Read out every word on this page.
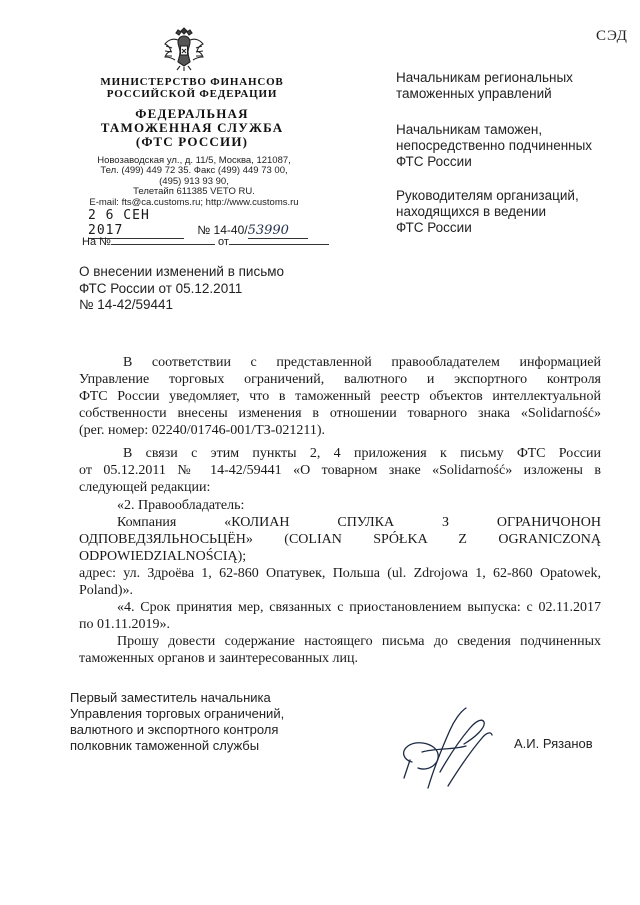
СЭД
МИНИСТЕРСТВО ФИНАНСОВ
РОССИЙСКОЙ ФЕДЕРАЦИИ
ФЕДЕРАЛЬНАЯ
ТАМОЖЕННАЯ СЛУЖБА
(ФТС РОССИИ)
Новозаводская ул., д. 11/5, Москва, 121087,
Тел. (499) 449 72 35. Факс (499) 449 73 00,
(495) 913 93 90,
Телетайп 611385 VETO RU.
E-mail: fts@ca.customs.ru; http://www.customs.ru
2 6 СЕН 2017	№ 14-40/53990
На №	от
Начальникам региональных
таможенных управлений
Начальникам таможен,
непосредственно подчиненных
ФТС России
Руководителям организаций,
находящихся в ведении
ФТС России
О внесении изменений в письмо
ФТС России от 05.12.2011
№ 14-42/59441
В соответствии с представленной правообладателем информацией
Управление торговых ограничений, валютного и экспортного контроля
ФТС России уведомляет, что в таможенный реестр объектов интеллектуальной
собственности внесены изменения в отношении товарного знака «Solidarność»
(рег. номер: 02240/01746-001/ТЗ-021211).
В связи с этим пункты 2, 4 приложения к письму ФТС России
от 05.12.2011 № 14-42/59441 «О товарном знаке «Solidarność» изложены в
следующей редакции:
«2. Правообладатель:
Компания «КОЛИАН СПУЛКА З ОГРАНИЧОНОН
ОДПОВЕДЗЯЛЬНОСЬЦЁН» (COLIAN SPÓŁKA Z OGRANICZONĄ
ODPOWIEDZIALNOŚCIĄ);
адрес: ул. Здроёва 1, 62-860 Опатувек, Польша (ul. Zdrojowa 1, 62-860 Opatowek,
Poland)».
«4. Срок принятия мер, связанных с приостановлением выпуска: с 02.11.2017
по 01.11.2019».
Прошу довести содержание настоящего письма до сведения подчиненных
таможенных органов и заинтересованных лиц.
Первый заместитель начальника
Управления торговых ограничений,
валютного и экспортного контроля
полковник таможенной службы	А.И. Рязанов
